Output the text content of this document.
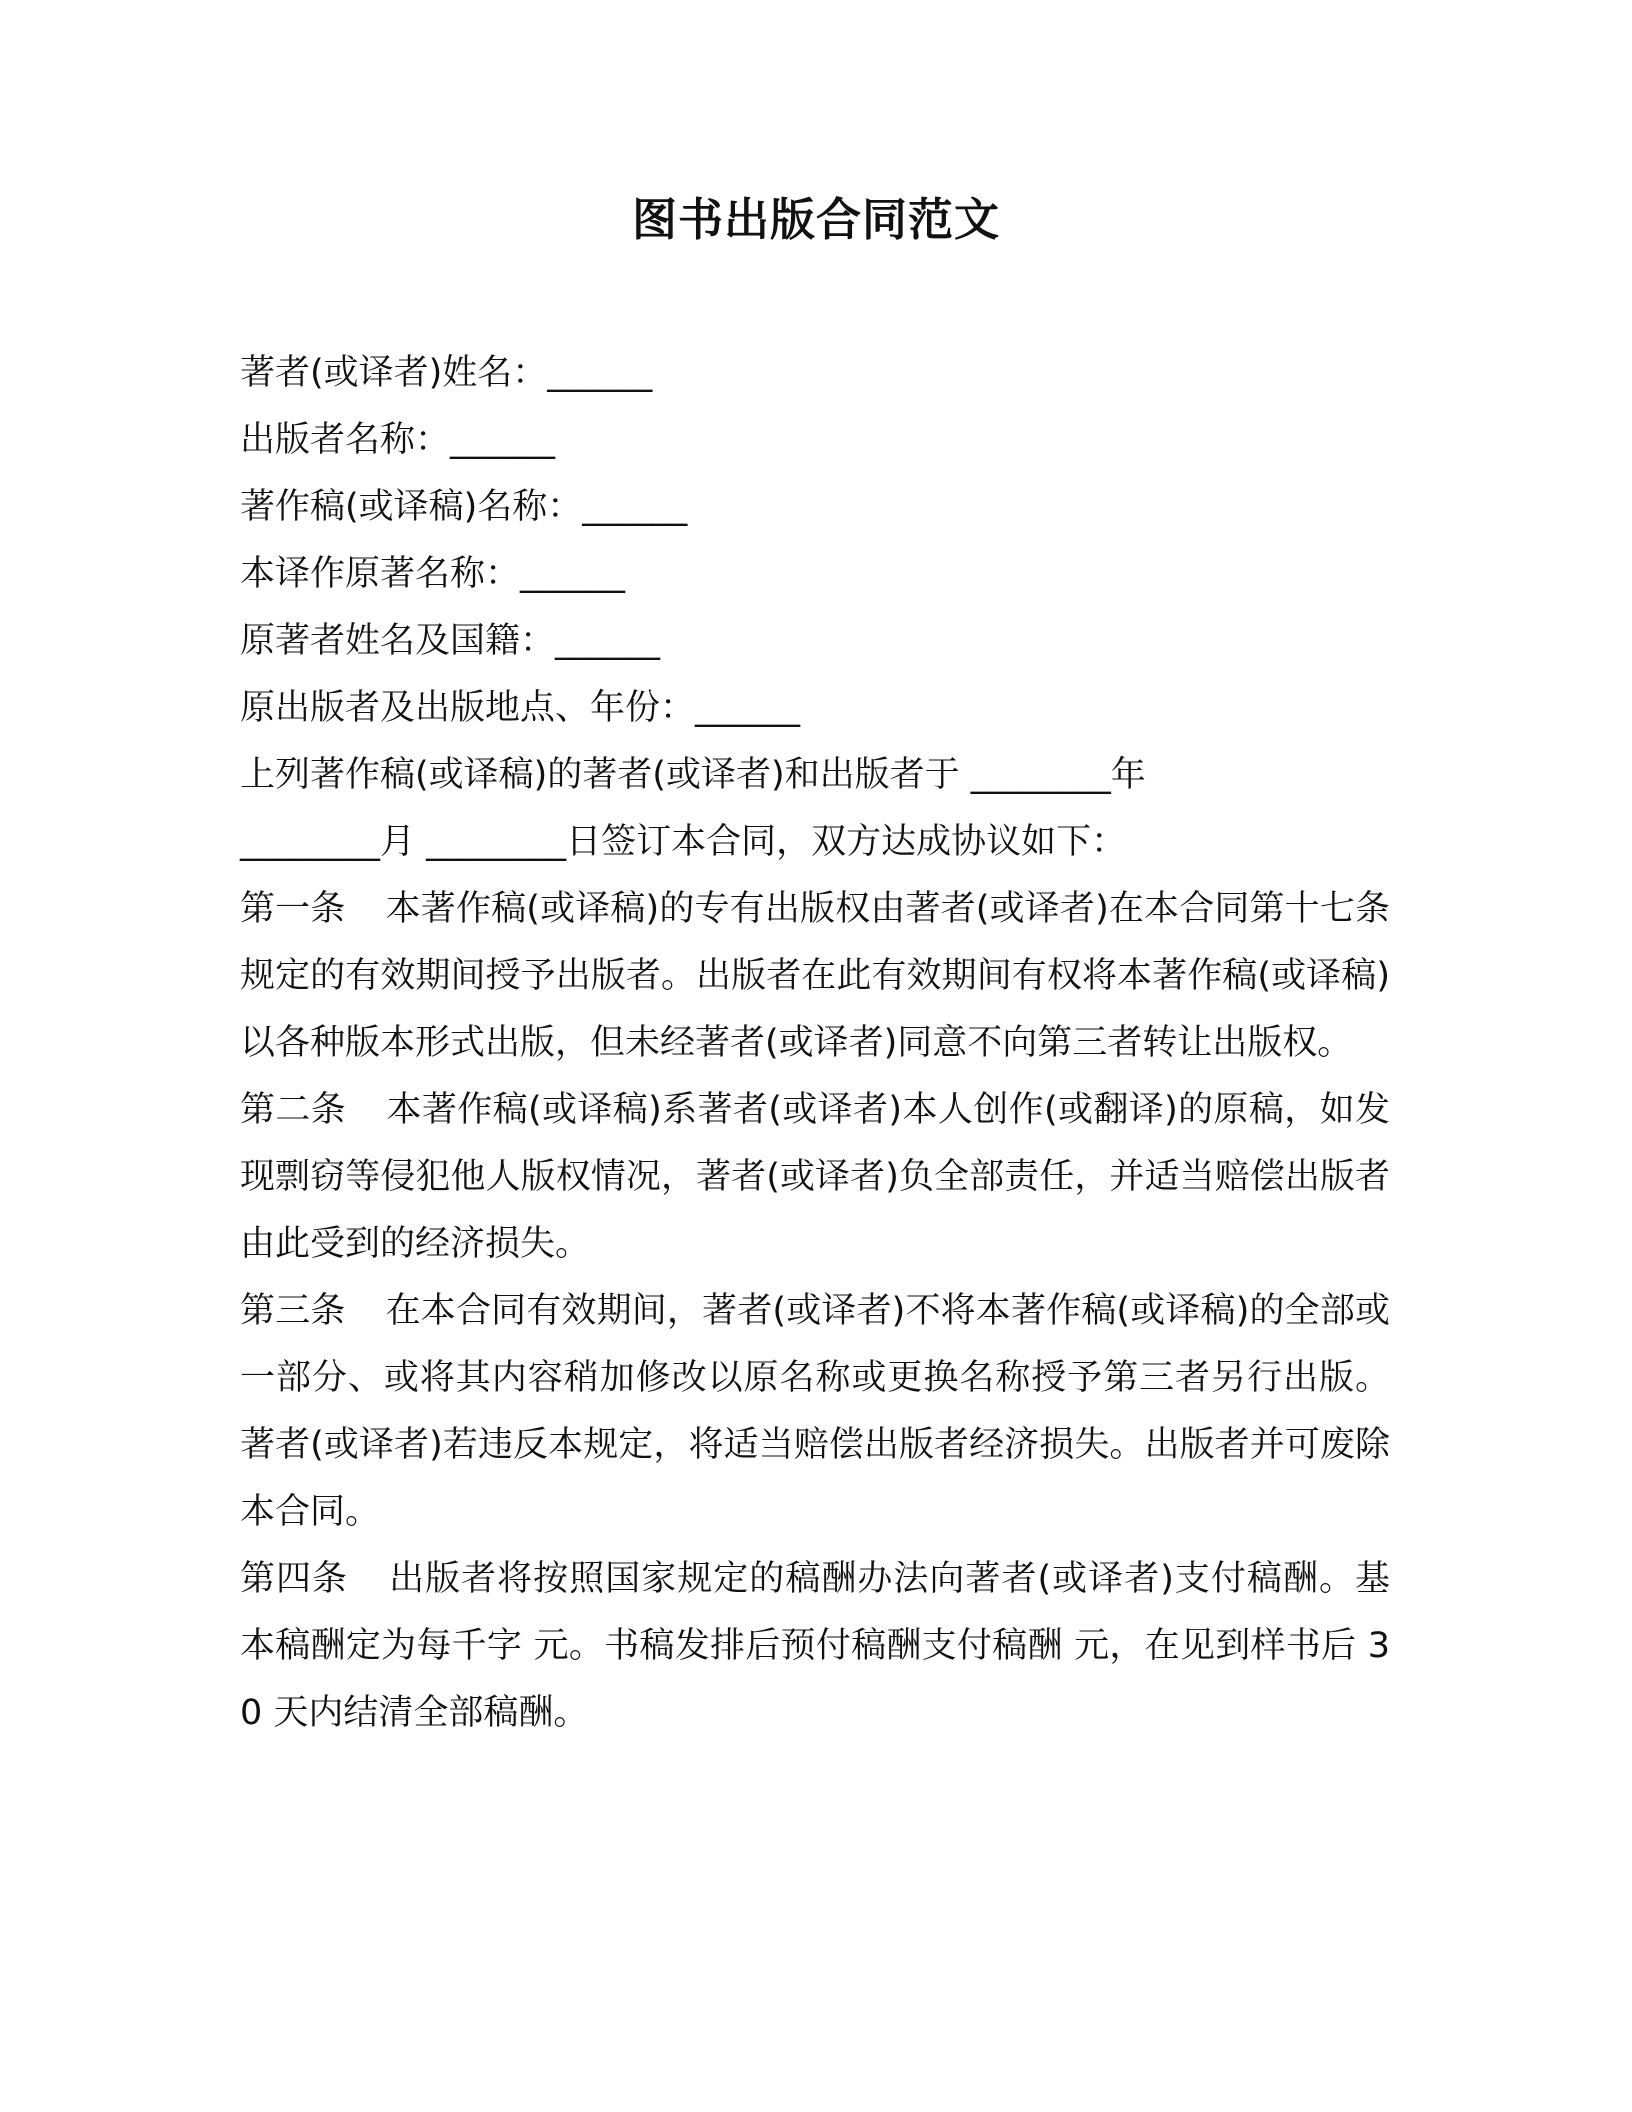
图书出版合同范文

著者(或译者)姓名：______

出版者名称：______

著作稿(或译稿)名称：______

本译作原著名称：______

原著者姓名及国籍：______

原出版者及出版地点、年份：______

上列著作稿(或译稿)的著者(或译者)和出版者于 ________年

________月 ________日签订本合同，双方达成协议如下：

第一条 本著作稿(或译稿)的专有出版权由著者(或译者)在本合同第十七条规定的有效期间授予出版者。出版者在此有效期间有权将本著作稿(或译稿)以各种版本形式出版，但未经著者(或译者)同意不向第三者转让出版权。

第二条 本著作稿(或译稿)系著者(或译者)本人创作(或翻译)的原稿，如发现剽窃等侵犯他人版权情况，著者(或译者)负全部责任，并适当赔偿出版者由此受到的经济损失。

第三条 在本合同有效期间，著者(或译者)不将本著作稿(或译稿)的全部或一部分、或将其内容稍加修改以原名称或更换名称授予第三者另行出版。著者(或译者)若违反本规定，将适当赔偿出版者经济损失。出版者并可废除本合同。

第四条 出版者将按照国家规定的稿酬办法向著者(或译者)支付稿酬。基本稿酬定为每千字 元。书稿发排后预付稿酬支付稿酬 元，在见到样书后 30 天内结清全部稿酬。
